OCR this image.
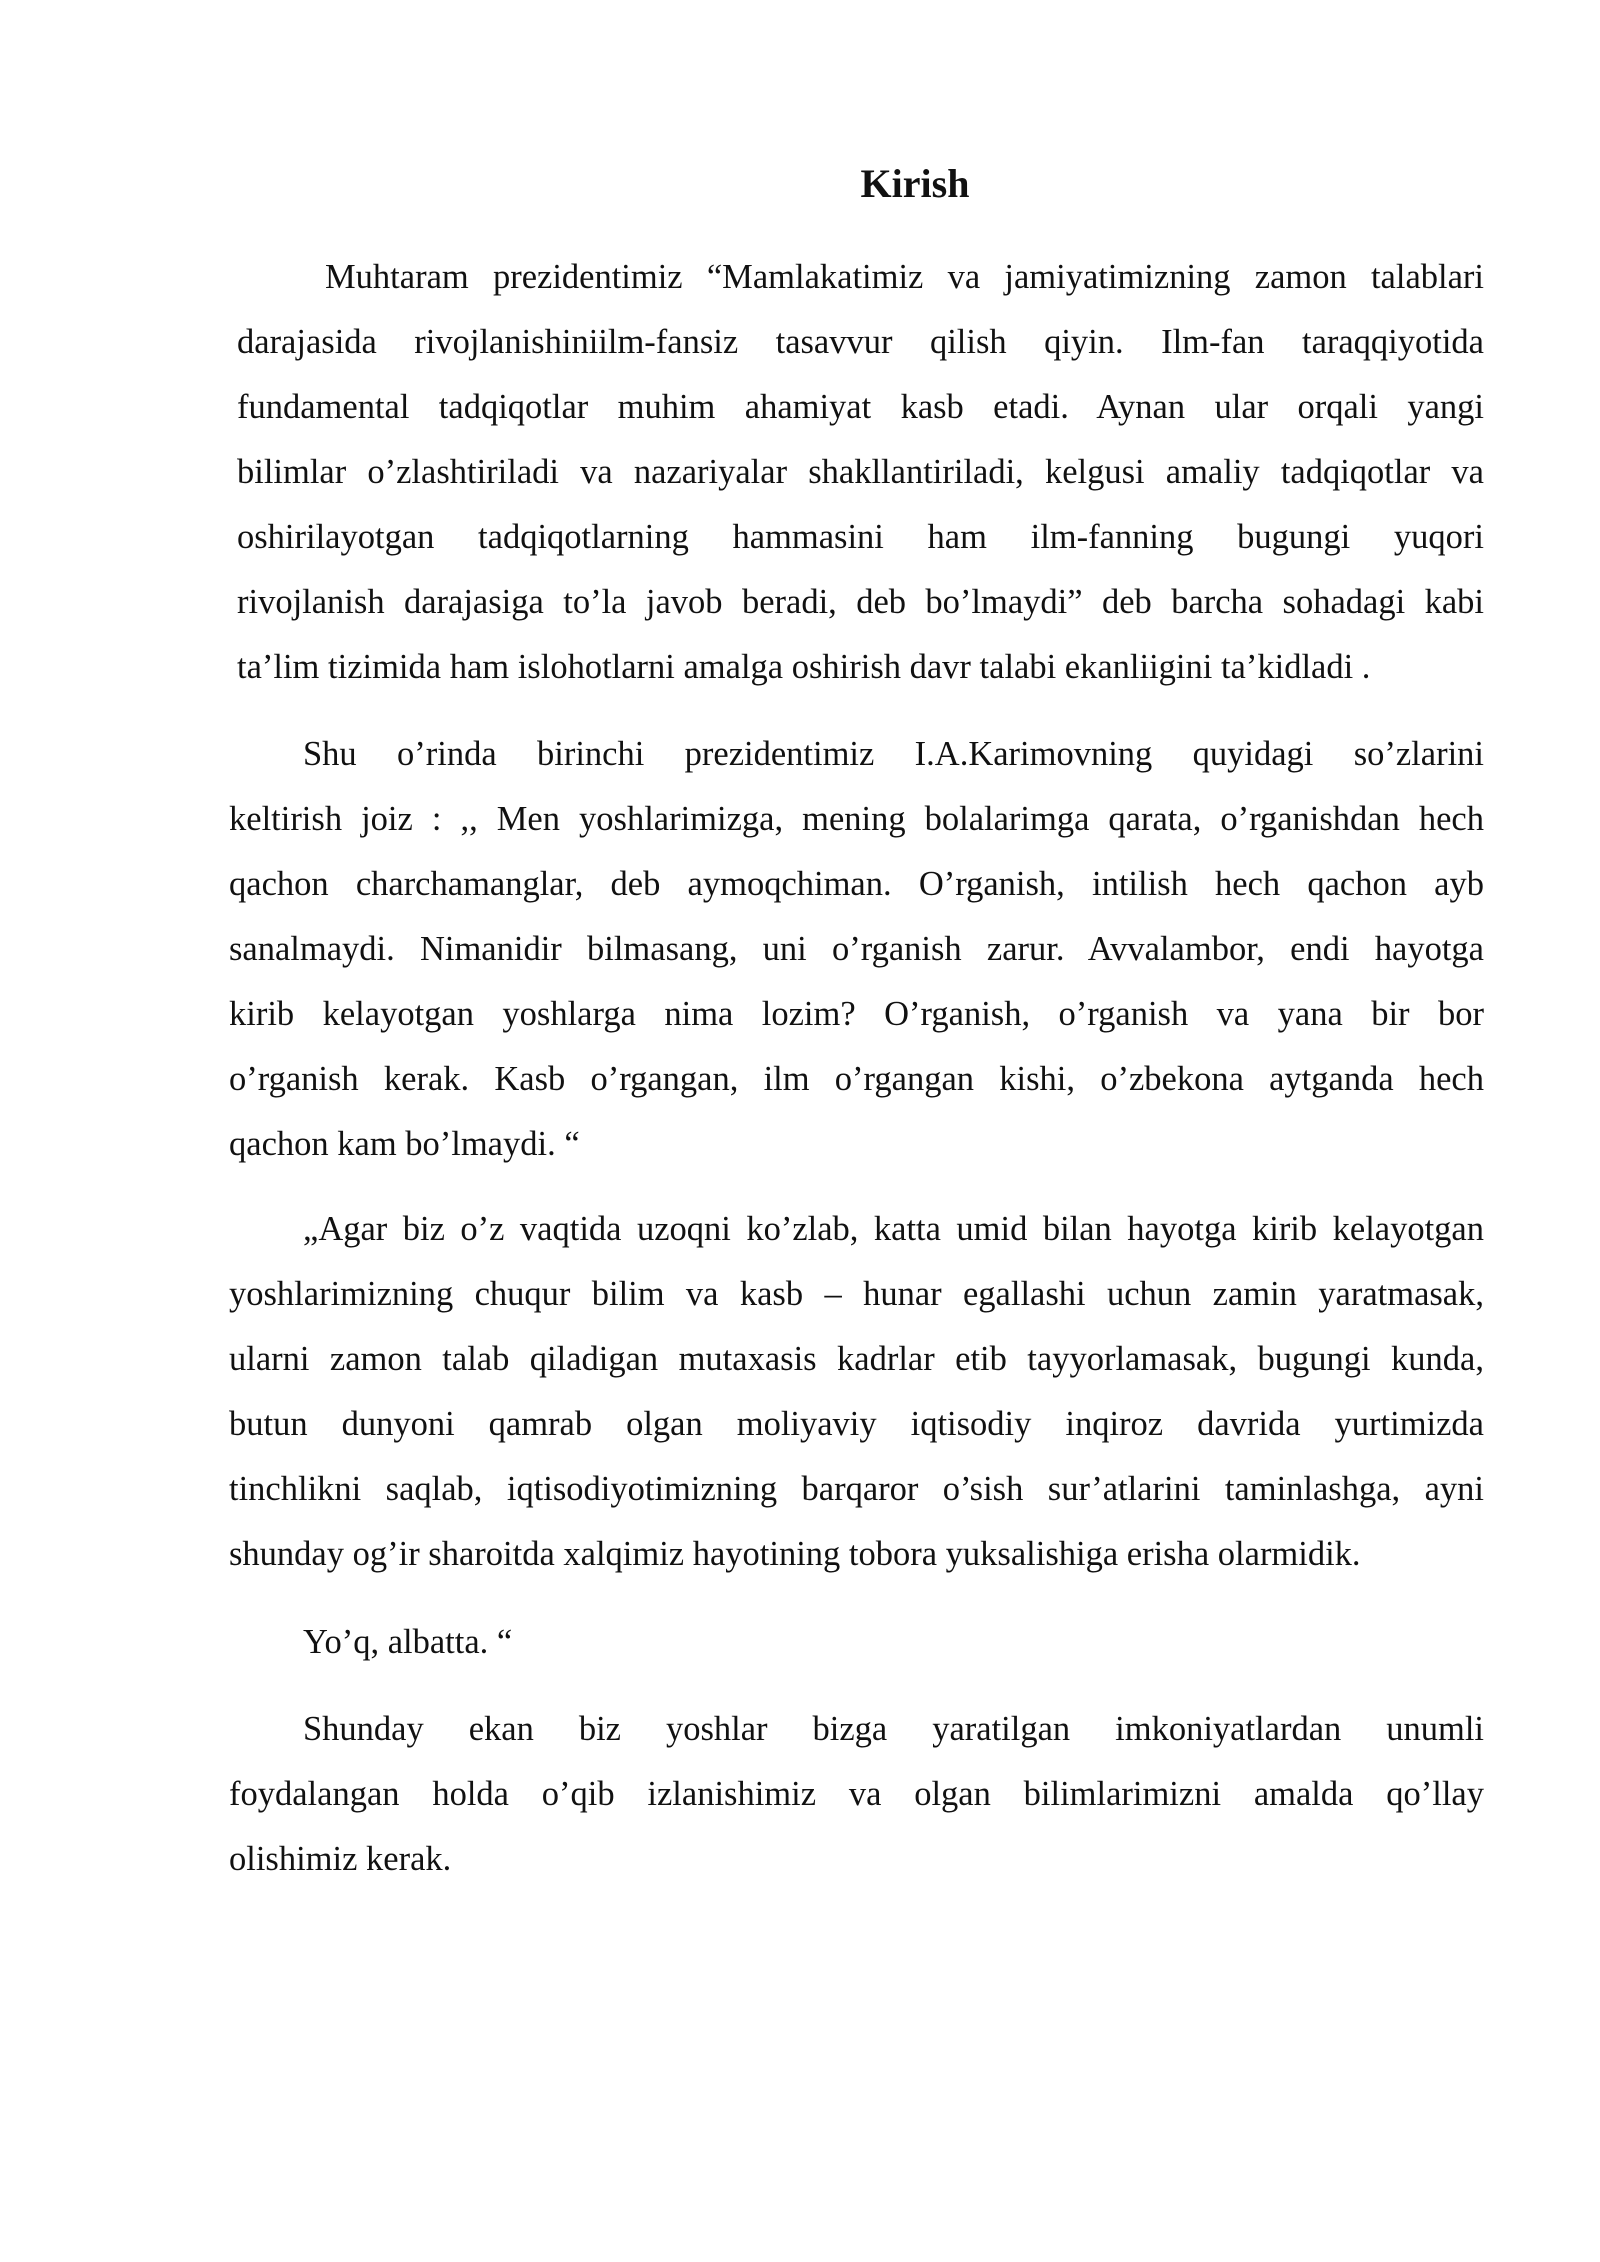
Kirish
Muhtaram prezidentimiz “Mamlakatimiz va jamiyatimizning zamon talablari
darajasida rivojlanishiniilm-fansiz tasavvur qilish qiyin. Ilm-fan taraqqiyotida
fundamental tadqiqotlar muhim ahamiyat kasb etadi. Aynan ular orqali yangi
bilimlar o’zlashtiriladi va nazariyalar shakllantiriladi, kelgusi amaliy tadqiqotlar va
oshirilayotgan tadqiqotlarning hammasini ham ilm-fanning bugungi yuqori
rivojlanish darajasiga to’la javob beradi, deb bo’lmaydi” deb barcha sohadagi kabi
ta’lim tizimida ham islohotlarni amalga oshirish davr talabi ekanliigini ta’kidladi .
Shu o’rinda birinchi prezidentimiz I.A.Karimovning quyidagi so’zlarini
keltirish joiz : ,, Men yoshlarimizga, mening bolalarimga qarata, o’rganishdan hech
qachon charchamanglar, deb aymoqchiman. O’rganish, intilish hech qachon ayb
sanalmaydi. Nimanidir bilmasang, uni o’rganish zarur. Avvalambor, endi hayotga
kirib kelayotgan yoshlarga nima lozim? O’rganish, o’rganish va yana bir bor
o’rganish kerak. Kasb o’rgangan, ilm o’rgangan kishi, o’zbekona aytganda hech
qachon kam bo’lmaydi. “
„Agar biz o’z vaqtida uzoqni ko’zlab, katta umid bilan hayotga kirib kelayotgan
yoshlarimizning chuqur bilim va kasb – hunar egallashi uchun zamin yaratmasak,
ularni zamon talab qiladigan mutaxasis kadrlar etib tayyorlamasak, bugungi kunda,
butun dunyoni qamrab olgan moliyaviy iqtisodiy inqiroz davrida yurtimizda
tinchlikni saqlab, iqtisodiyotimizning barqaror o’sish sur’atlarini taminlashga, ayni
shunday og’ir sharoitda xalqimiz hayotining tobora yuksalishiga erisha olarmidik.
Yo’q, albatta. “
Shunday ekan biz yoshlar bizga yaratilgan imkoniyatlardan unumli
foydalangan holda o’qib izlanishimiz va olgan bilimlarimizni amalda qo’llay
olishimiz kerak.
